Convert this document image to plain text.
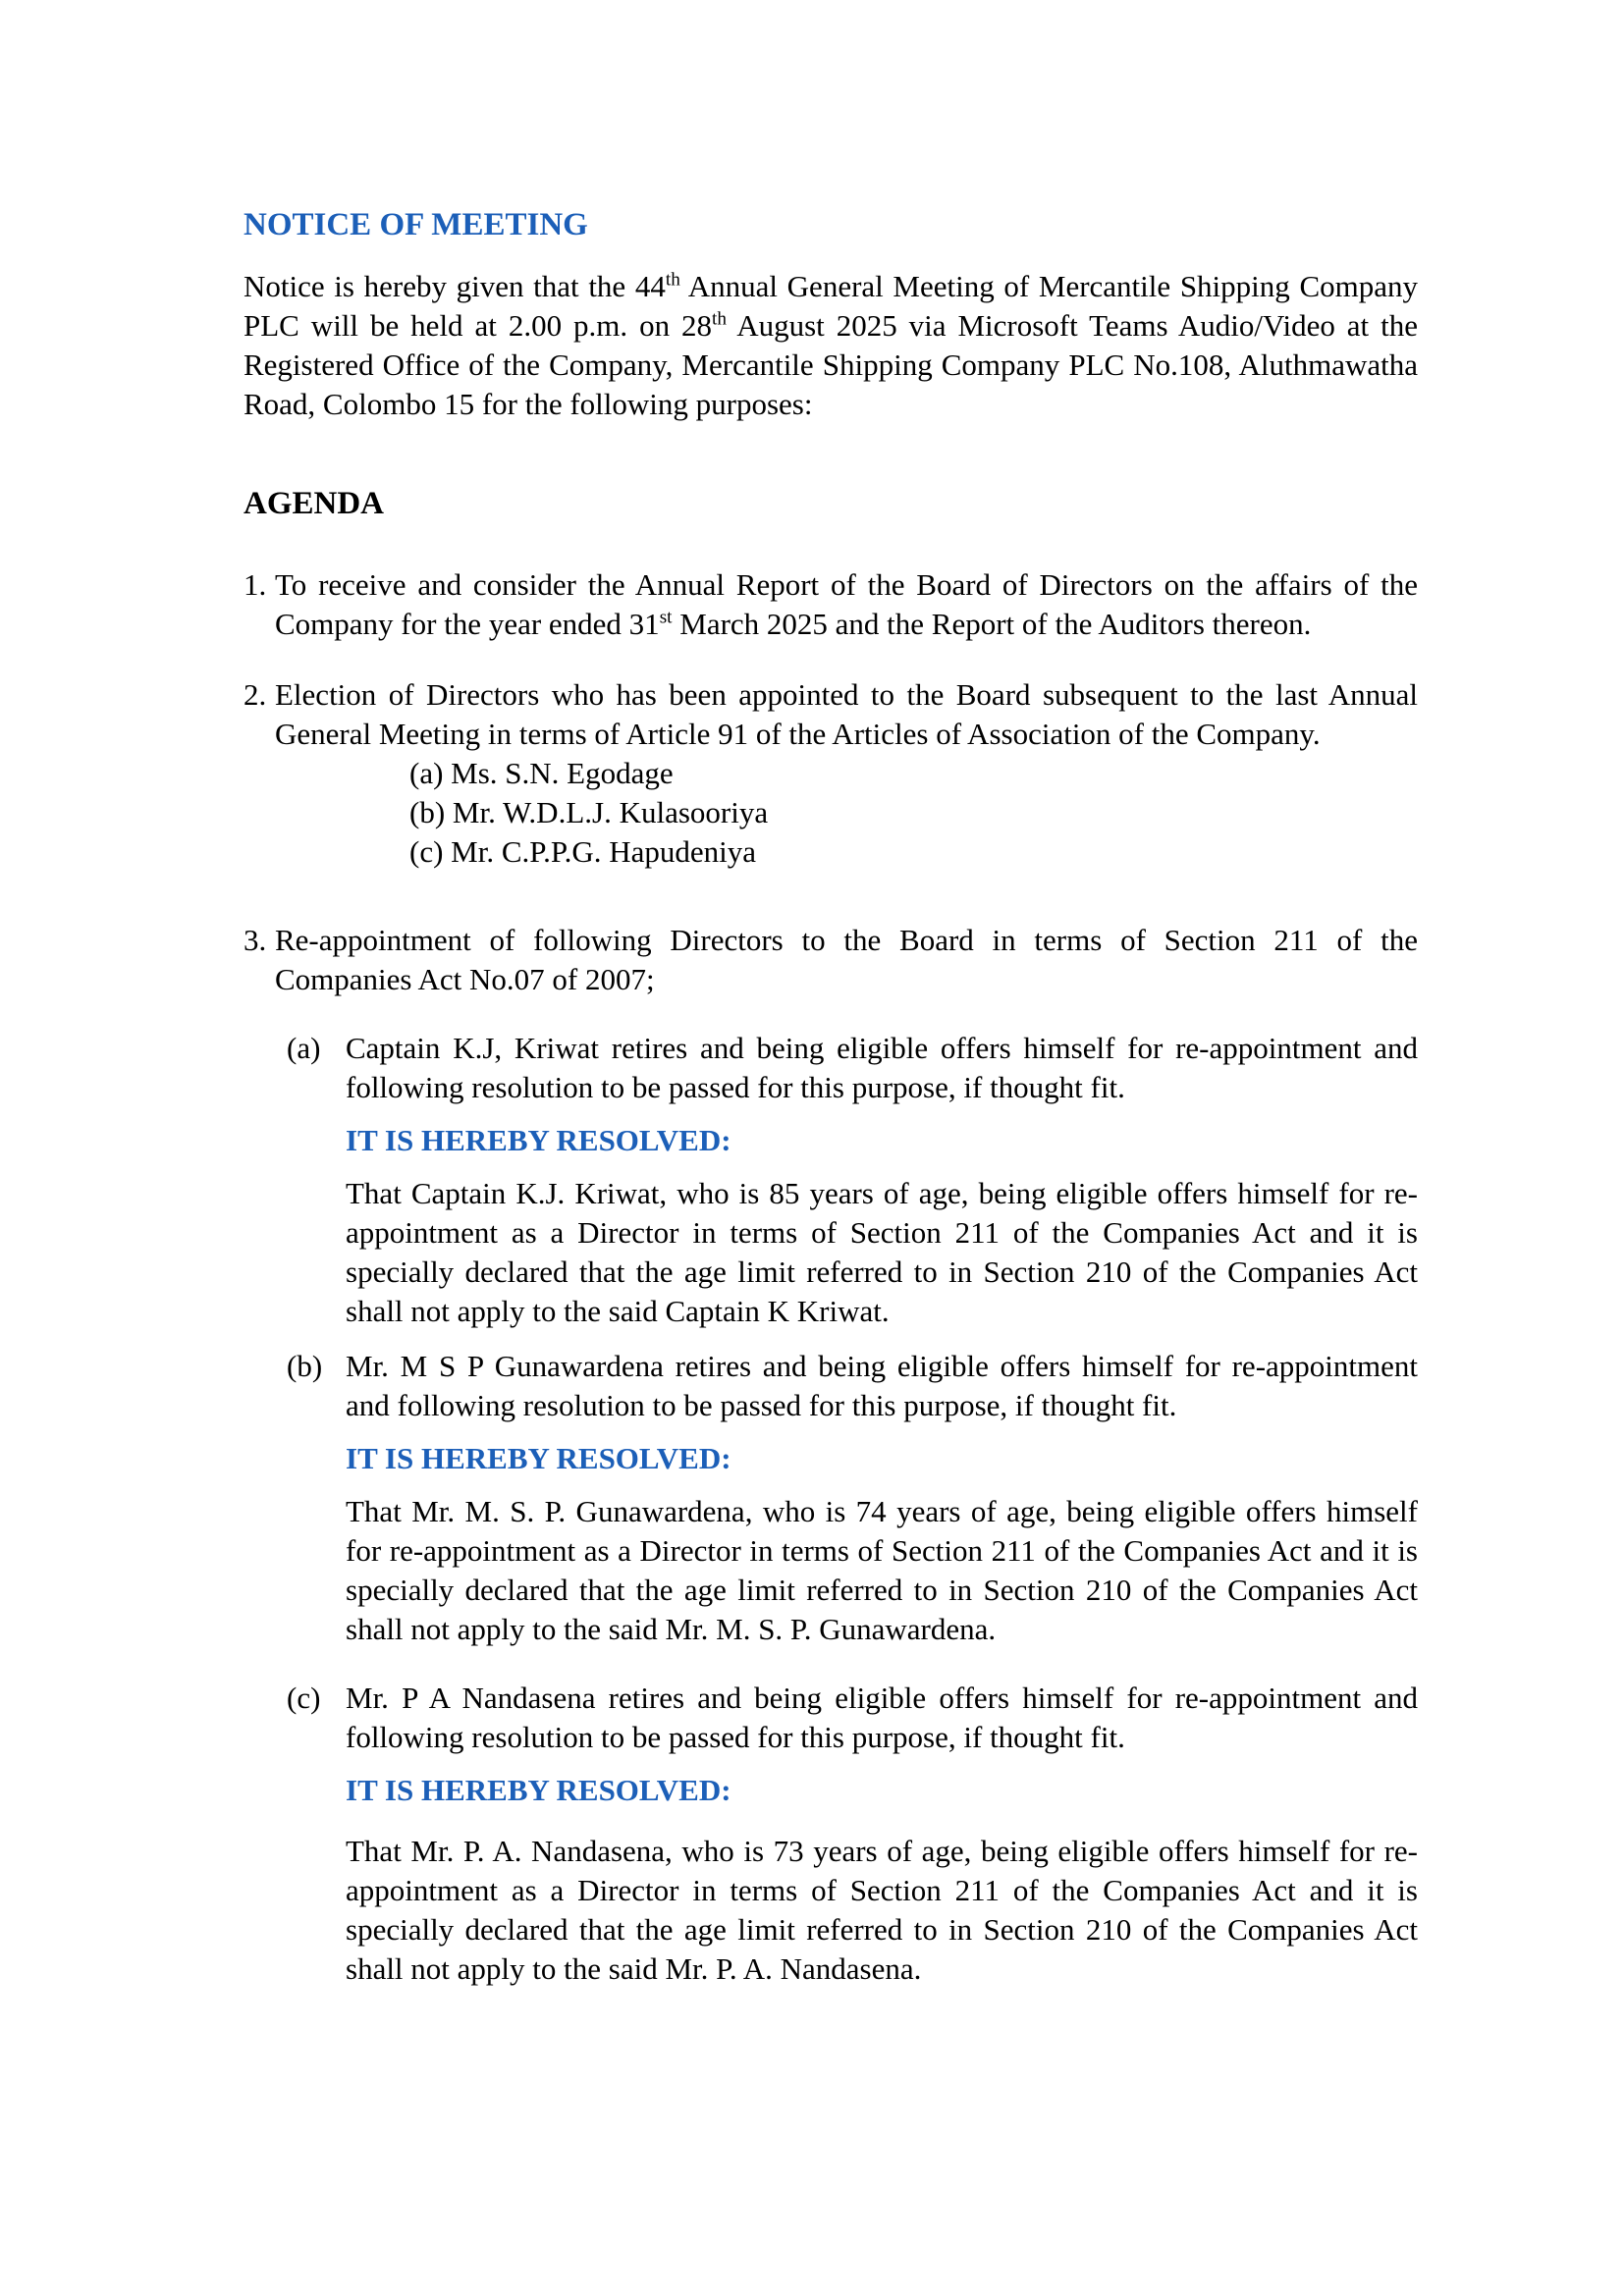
NOTICE OF MEETING

Notice is hereby given that the 44th Annual General Meeting of Mercantile Shipping Company PLC will be held at 2.00 p.m. on 28th August 2025 via Microsoft Teams Audio/Video at the Registered Office of the Company, Mercantile Shipping Company PLC No.108, Aluthmawatha Road, Colombo 15 for the following purposes:

AGENDA
1. To receive and consider the Annual Report of the Board of Directors on the affairs of the Company for the year ended 31st March 2025 and the Report of the Auditors thereon.
2. Election of Directors who has been appointed to the Board subsequent to the last Annual General Meeting in terms of Article 91 of the Articles of Association of the Company.
(a) Ms. S.N. Egodage
(b) Mr. W.D.L.J. Kulasooriya
(c) Mr. C.P.P.G. Hapudeniya
3. Re-appointment of following Directors to the Board in terms of Section 211 of the Companies Act No.07 of 2007;
(a) Captain K.J, Kriwat retires and being eligible offers himself for re-appointment and following resolution to be passed for this purpose, if thought fit.

IT IS HEREBY RESOLVED:

That Captain K.J. Kriwat, who is 85 years of age, being eligible offers himself for re-appointment as a Director in terms of Section 211 of the Companies Act and it is specially declared that the age limit referred to in Section 210 of the Companies Act shall not apply to the said Captain K Kriwat.

(b) Mr. M S P Gunawardena retires and being eligible offers himself for re-appointment and following resolution to be passed for this purpose, if thought fit.

IT IS HEREBY RESOLVED:

That Mr. M. S. P. Gunawardena, who is 74 years of age, being eligible offers himself for re-appointment as a Director in terms of Section 211 of the Companies Act and it is specially declared that the age limit referred to in Section 210 of the Companies Act shall not apply to the said Mr. M. S. P. Gunawardena.

(c) Mr. P A Nandasena retires and being eligible offers himself for re-appointment and following resolution to be passed for this purpose, if thought fit.

IT IS HEREBY RESOLVED:

That Mr. P. A. Nandasena, who is 73 years of age, being eligible offers himself for re-appointment as a Director in terms of Section 211 of the Companies Act and it is specially declared that the age limit referred to in Section 210 of the Companies Act shall not apply to the said Mr. P. A. Nandasena.
